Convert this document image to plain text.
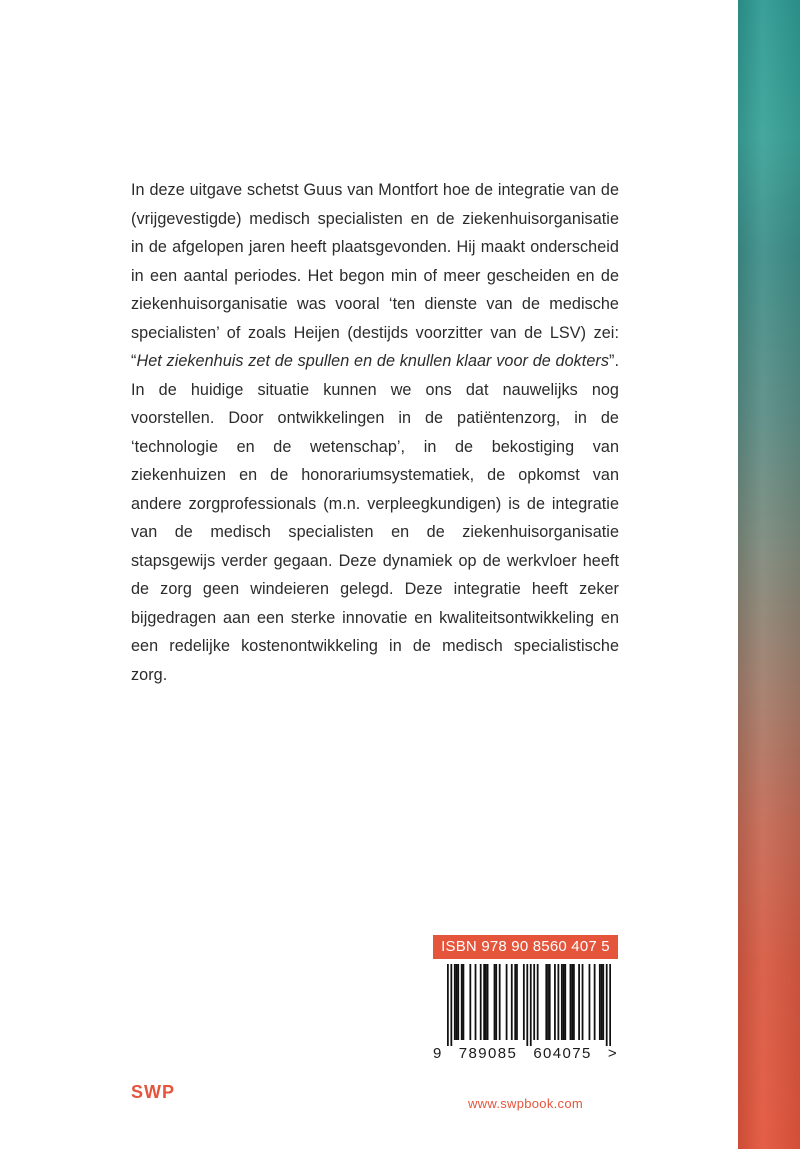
In deze uitgave schetst Guus van Montfort hoe de integratie van de (vrijgevestigde) medisch specialisten en de ziekenhuisorganisatie in de afgelopen jaren heeft plaatsgevonden. Hij maakt onderscheid in een aantal periodes. Het begon min of meer gescheiden en de ziekenhuisorganisatie was vooral ‘ten dienste van de medische specialisten’ of zoals Heijen (destijds voorzitter van de LSV) zei: “Het ziekenhuis zet de spullen en de knullen klaar voor de dokters”. In de huidige situatie kunnen we ons dat nauwelijks nog voorstellen. Door ontwikkelingen in de patiëntenzorg, in de ‘technologie en de wetenschap’, in de bekostiging van ziekenhuizen en de honorariumsystematiek, de opkomst van andere zorgprofessionals (m.n. verpleegkundigen) is de integratie van de medisch specialisten en de ziekenhuisorganisatie stapsgewijs verder gegaan. Deze dynamiek op de werkvloer heeft de zorg geen windeieren gelegd. Deze integratie heeft zeker bijgedragen aan een sterke innovatie en kwaliteitsontwikkeling en een redelijke kostenontwikkeling in de medisch specialistische zorg.

ISBN 978 90 8560 407 5
9 789085 604075 >
SWP
www.swpbook.com
